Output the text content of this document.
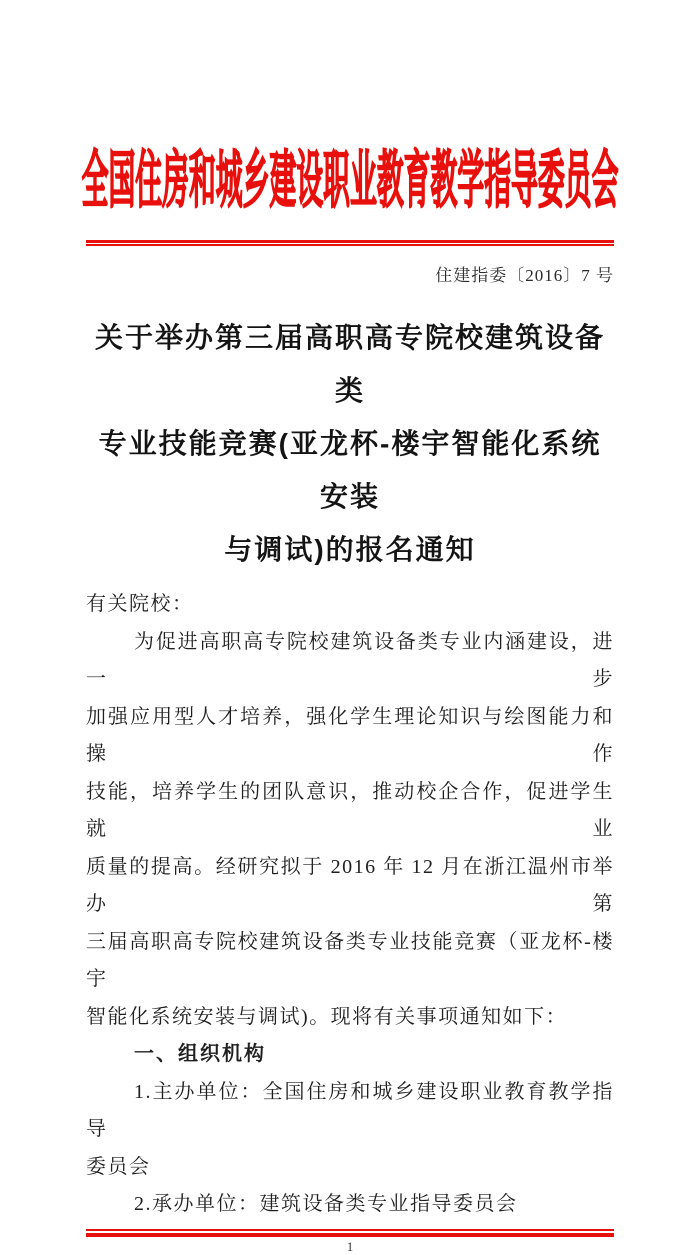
全国住房和城乡建设职业教育教学指导委员会
住建指委〔2016〕7 号
关于举办第三届高职高专院校建筑设备类
专业技能竞赛(亚龙杯-楼宇智能化系统安装
与调试)的报名通知
有关院校：
为促进高职高专院校建筑设备类专业内涵建设，进一步
加强应用型人才培养，强化学生理论知识与绘图能力和操作
技能，培养学生的团队意识，推动校企合作，促进学生就业
质量的提高。经研究拟于 2016 年 12 月在浙江温州市举办第
三届高职高专院校建筑设备类专业技能竞赛（亚龙杯-楼宇
智能化系统安装与调试)。现将有关事项通知如下：
一、组织机构
1.主办单位：全国住房和城乡建设职业教育教学指导
委员会
2.承办单位：建筑设备类专业指导委员会
1
